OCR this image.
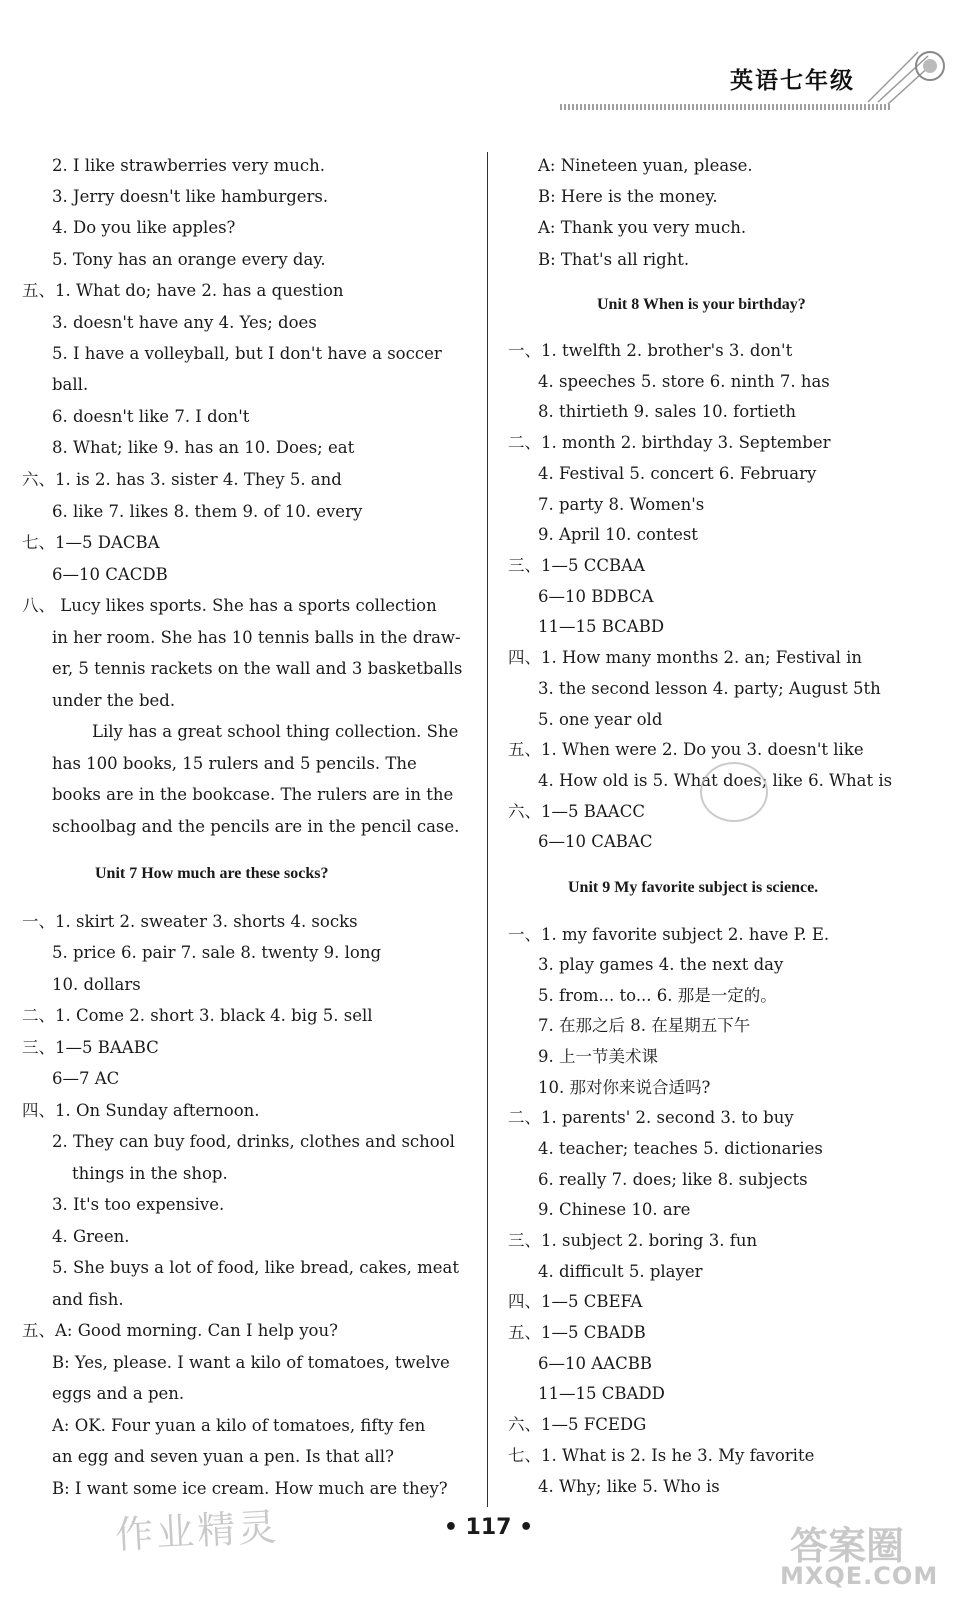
英语七年级
2. I like strawberries very much.
3. Jerry doesn't like hamburgers.
4. Do you like apples?
5. Tony has an orange every day.
五、1. What do; have 2. has a question
3. doesn't have any 4. Yes; does
5. I have a volleyball, but I don't have a soccer
ball.
6. doesn't like 7. I don't
8. What; like 9. has an 10. Does; eat
六、1. is 2. has 3. sister 4. They 5. and
6. like 7. likes 8. them 9. of 10. every
七、1—5 DACBA
6—10 CACDB
八、 Lucy likes sports. She has a sports collection
in her room. She has 10 tennis balls in the draw-
er, 5 tennis rackets on the wall and 3 basketballs
under the bed.
Lily has a great school thing collection. She
has 100 books, 15 rulers and 5 pencils. The
books are in the bookcase. The rulers are in the
schoolbag and the pencils are in the pencil case.
Unit 7 How much are these socks?
一、1. skirt 2. sweater 3. shorts 4. socks
5. price 6. pair 7. sale 8. twenty 9. long
10. dollars
二、1. Come 2. short 3. black 4. big 5. sell
三、1—5 BAABC
6—7 AC
四、1. On Sunday afternoon.
2. They can buy food, drinks, clothes and school
things in the shop.
3. It's too expensive.
4. Green.
5. She buys a lot of food, like bread, cakes, meat
and fish.
五、A: Good morning. Can I help you?
B: Yes, please. I want a kilo of tomatoes, twelve
eggs and a pen.
A: OK. Four yuan a kilo of tomatoes, fifty fen
an egg and seven yuan a pen. Is that all?
B: I want some ice cream. How much are they?
A: Nineteen yuan, please.
B: Here is the money.
A: Thank you very much.
B: That's all right.
Unit 8 When is your birthday?
一、1. twelfth 2. brother's 3. don't
4. speeches 5. store 6. ninth 7. has
8. thirtieth 9. sales 10. fortieth
二、1. month 2. birthday 3. September
4. Festival 5. concert 6. February
7. party 8. Women's
9. April 10. contest
三、1—5 CCBAA
6—10 BDBCA
11—15 BCABD
四、1. How many months 2. an; Festival in
3. the second lesson 4. party; August 5th
5. one year old
五、1. When were 2. Do you 3. doesn't like
4. How old is 5. What does; like 6. What is
六、1—5 BAACC
6—10 CABAC
Unit 9 My favorite subject is science.
一、1. my favorite subject 2. have P. E.
3. play games 4. the next day
5. from... to... 6. 那是一定的。
7. 在那之后 8. 在星期五下午
9. 上一节美术课
10. 那对你来说合适吗?
二、1. parents' 2. second 3. to buy
4. teacher; teaches 5. dictionaries
6. really 7. does; like 8. subjects
9. Chinese 10. are
三、1. subject 2. boring 3. fun
4. difficult 5. player
四、1—5 CBEFA
五、1—5 CBADB
6—10 AACBB
11—15 CBADD
六、1—5 FCEDG
七、1. What is 2. Is he 3. My favorite
4. Why; like 5. Who is
• 117 •
作业精灵	答案圈
MXQE.COM
